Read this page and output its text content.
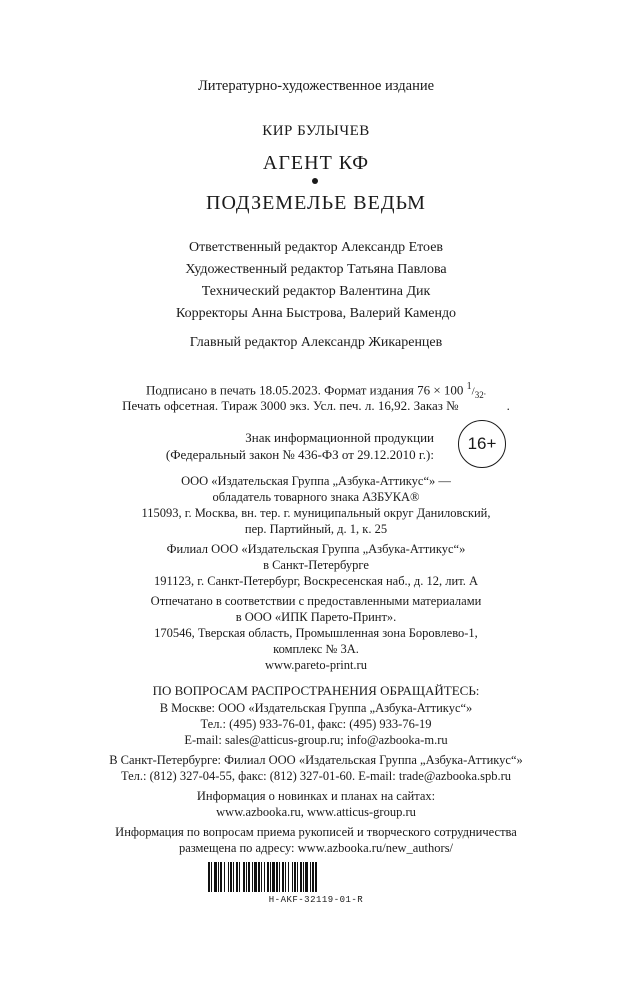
Литературно-художественное издание
КИР БУЛЫЧЕВ
АГЕНТ КФ
ПОДЗЕМЕЛЬЕ ВЕДЬМ
Ответственный редактор Александр Етоев
Художественный редактор Татьяна Павлова
Технический редактор Валентина Дик
Корректоры Анна Быстрова, Валерий Камендо
Главный редактор Александр Жикаренцев
Подписано в печать 18.05.2023. Формат издания 76 × 100 $^1/_{32}$.
Печать офсетная. Тираж 3000 экз. Усл. печ. л. 16,92. Заказ №	.
Знак информационной продукции
(Федеральный закон № 436-ФЗ от 29.12.2010 г.):
16+
ООО «Издательская Группа „Азбука-Аттикус“» —
обладатель товарного знака АЗБУКА®
115093, г. Москва, вн. тер. г. муниципальный округ Даниловский,
пер. Партийный, д. 1, к. 25
Филиал ООО «Издательская Группа „Азбука-Аттикус“»
в Санкт-Петербурге
191123, г. Санкт-Петербург, Воскресенская наб., д. 12, лит. А
Отпечатано в соответствии с предоставленными материалами
в ООО «ИПК Парето-Принт».
170546, Тверская область, Промышленная зона Боровлево-1,
комплекс № 3А.
www.pareto-print.ru
ПО ВОПРОСАМ РАСПРОСТРАНЕНИЯ ОБРАЩАЙТЕСЬ:
В Москве: ООО «Издательская Группа „Азбука-Аттикус“»
Тел.: (495) 933-76-01, факс: (495) 933-76-19
E-mail: sales@atticus-group.ru; info@azbooka-m.ru
В Санкт-Петербурге: Филиал ООО «Издательская Группа „Азбука-Аттикус“»
Тел.: (812) 327-04-55, факс: (812) 327-01-60. E-mail: trade@azbooka.spb.ru
Информация о новинках и планах на сайтах:
www.azbooka.ru, www.atticus-group.ru
Информация по вопросам приема рукописей и творческого сотрудничества
размещена по адресу: www.azbooka.ru/new_authors/
H-AKF-32119-01-R
